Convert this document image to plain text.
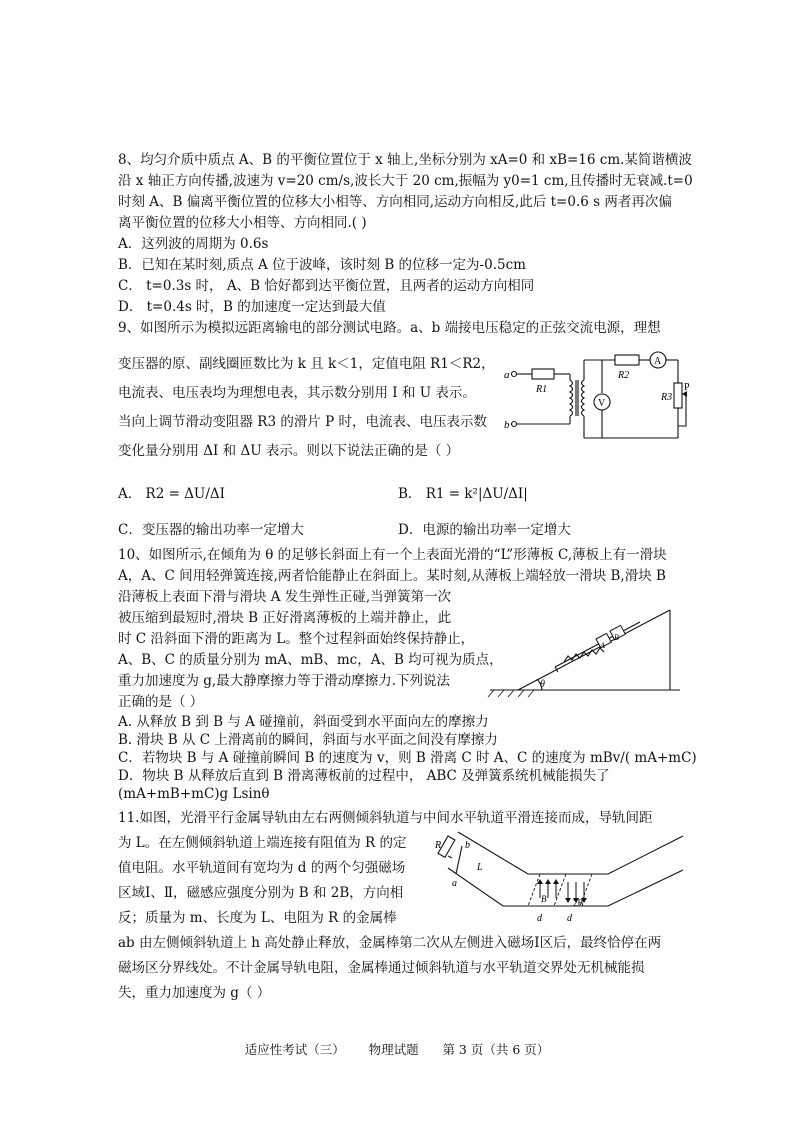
8、均匀介质中质点 A、B 的平衡位置位于 x 轴上,坐标分别为 xA=0 和 xB=16 cm.某简谐横波
沿 x 轴正方向传播,波速为 v=20 cm/s,波长大于 20 cm,振幅为 y0=1 cm,且传播时无衰减.t=0
时刻 A、B 偏离平衡位置的位移大小相等、方向相同,运动方向相反,此后 t=0.6 s 两者再次偏
离平衡位置的位移大小相等、方向相同.( )
A．这列波的周期为 0.6s
B．已知在某时刻,质点 A 位于波峰，该时刻 B 的位移一定为-0.5cm
C． t=0.3s 时， A、B 恰好都到达平衡位置，且两者的运动方向相同
D． t=0.4s 时，B 的加速度一定达到最大值
9、如图所示为模拟远距离输电的部分测试电路。a、b 端接电压稳定的正弦交流电源，理想
变压器的原、副线圈匝数比为 k 且 k＜1，定值电阻 R1＜R2，
电流表、电压表均为理想电表，其示数分别用 I 和 U 表示。
当向上调节滑动变阻器 R3 的滑片 P 时，电流表、电压表示数
变化量分别用 ΔI 和 ΔU 表示。则以下说法正确的是（ ）
A． R2 = ΔU/ΔI	B． R1 = k²|ΔU/ΔI|
C．变压器的输出功率一定增大	D．电源的输出功率一定增大
a
b
R1
R2
R3
A
V
P
10、如图所示,在倾角为 θ 的足够长斜面上有一个上表面光滑的“L”形薄板 C,薄板上有一滑块
A，A、C 间用轻弹簧连接,两者恰能静止在斜面上。某时刻,从薄板上端轻放一滑块 B,滑块 B
沿薄板上表面下滑与滑块 A 发生弹性正碰,当弹簧第一次
被压缩到最短时,滑块 B 正好滑离薄板的上端并静止，此
时 C 沿斜面下滑的距离为 L。整个过程斜面始终保持静止，
A、B、C 的质量分别为 mA、mB、mc，A、B 均可视为质点，
重力加速度为 g,最大静摩擦力等于滑动摩擦力.下列说法
正确的是（ ）
A. 从释放 B 到 B 与 A 碰撞前，斜面受到水平面向左的摩擦力
B. 滑块 B 从 C 上滑离前的瞬间，斜面与水平面之间没有摩擦力
C．若物块 B 与 A 碰撞前瞬间 B 的速度为 v，则 B 滑离 C 时 A、C 的速度为 mBv/( mA+mC)
D．物块 B 从释放后直到 B 滑离薄板前的过程中， ABC 及弹簧系统机械能损失了
(mA+mB+mC)g Lsinθ
θ
A
B
11.如图，光滑平行金属导轨由左右两侧倾斜轨道与中间水平轨道平滑连接而成，导轨间距
为 L。在左侧倾斜轨道上端连接有阻值为 R 的定
值电阻。水平轨道间有宽均为 d 的两个匀强磁场
区域Ⅰ、Ⅱ，磁感应强度分别为 B 和 2B，方向相
反；质量为 m、长度为 L、电阻为 R 的金属棒
ab 由左侧倾斜轨道上 h 高处静止释放，金属棒第二次从左侧进入磁场Ⅰ区后，最终恰停在两
磁场区分界线处。不计金属导轨电阻，金属棒通过倾斜轨道与水平轨道交界处无机械能损
失，重力加速度为 g（ ）
R b
a
L
B	2B
d	d
适应性考试（三） 物理试题 第 3 页（共 6 页）
